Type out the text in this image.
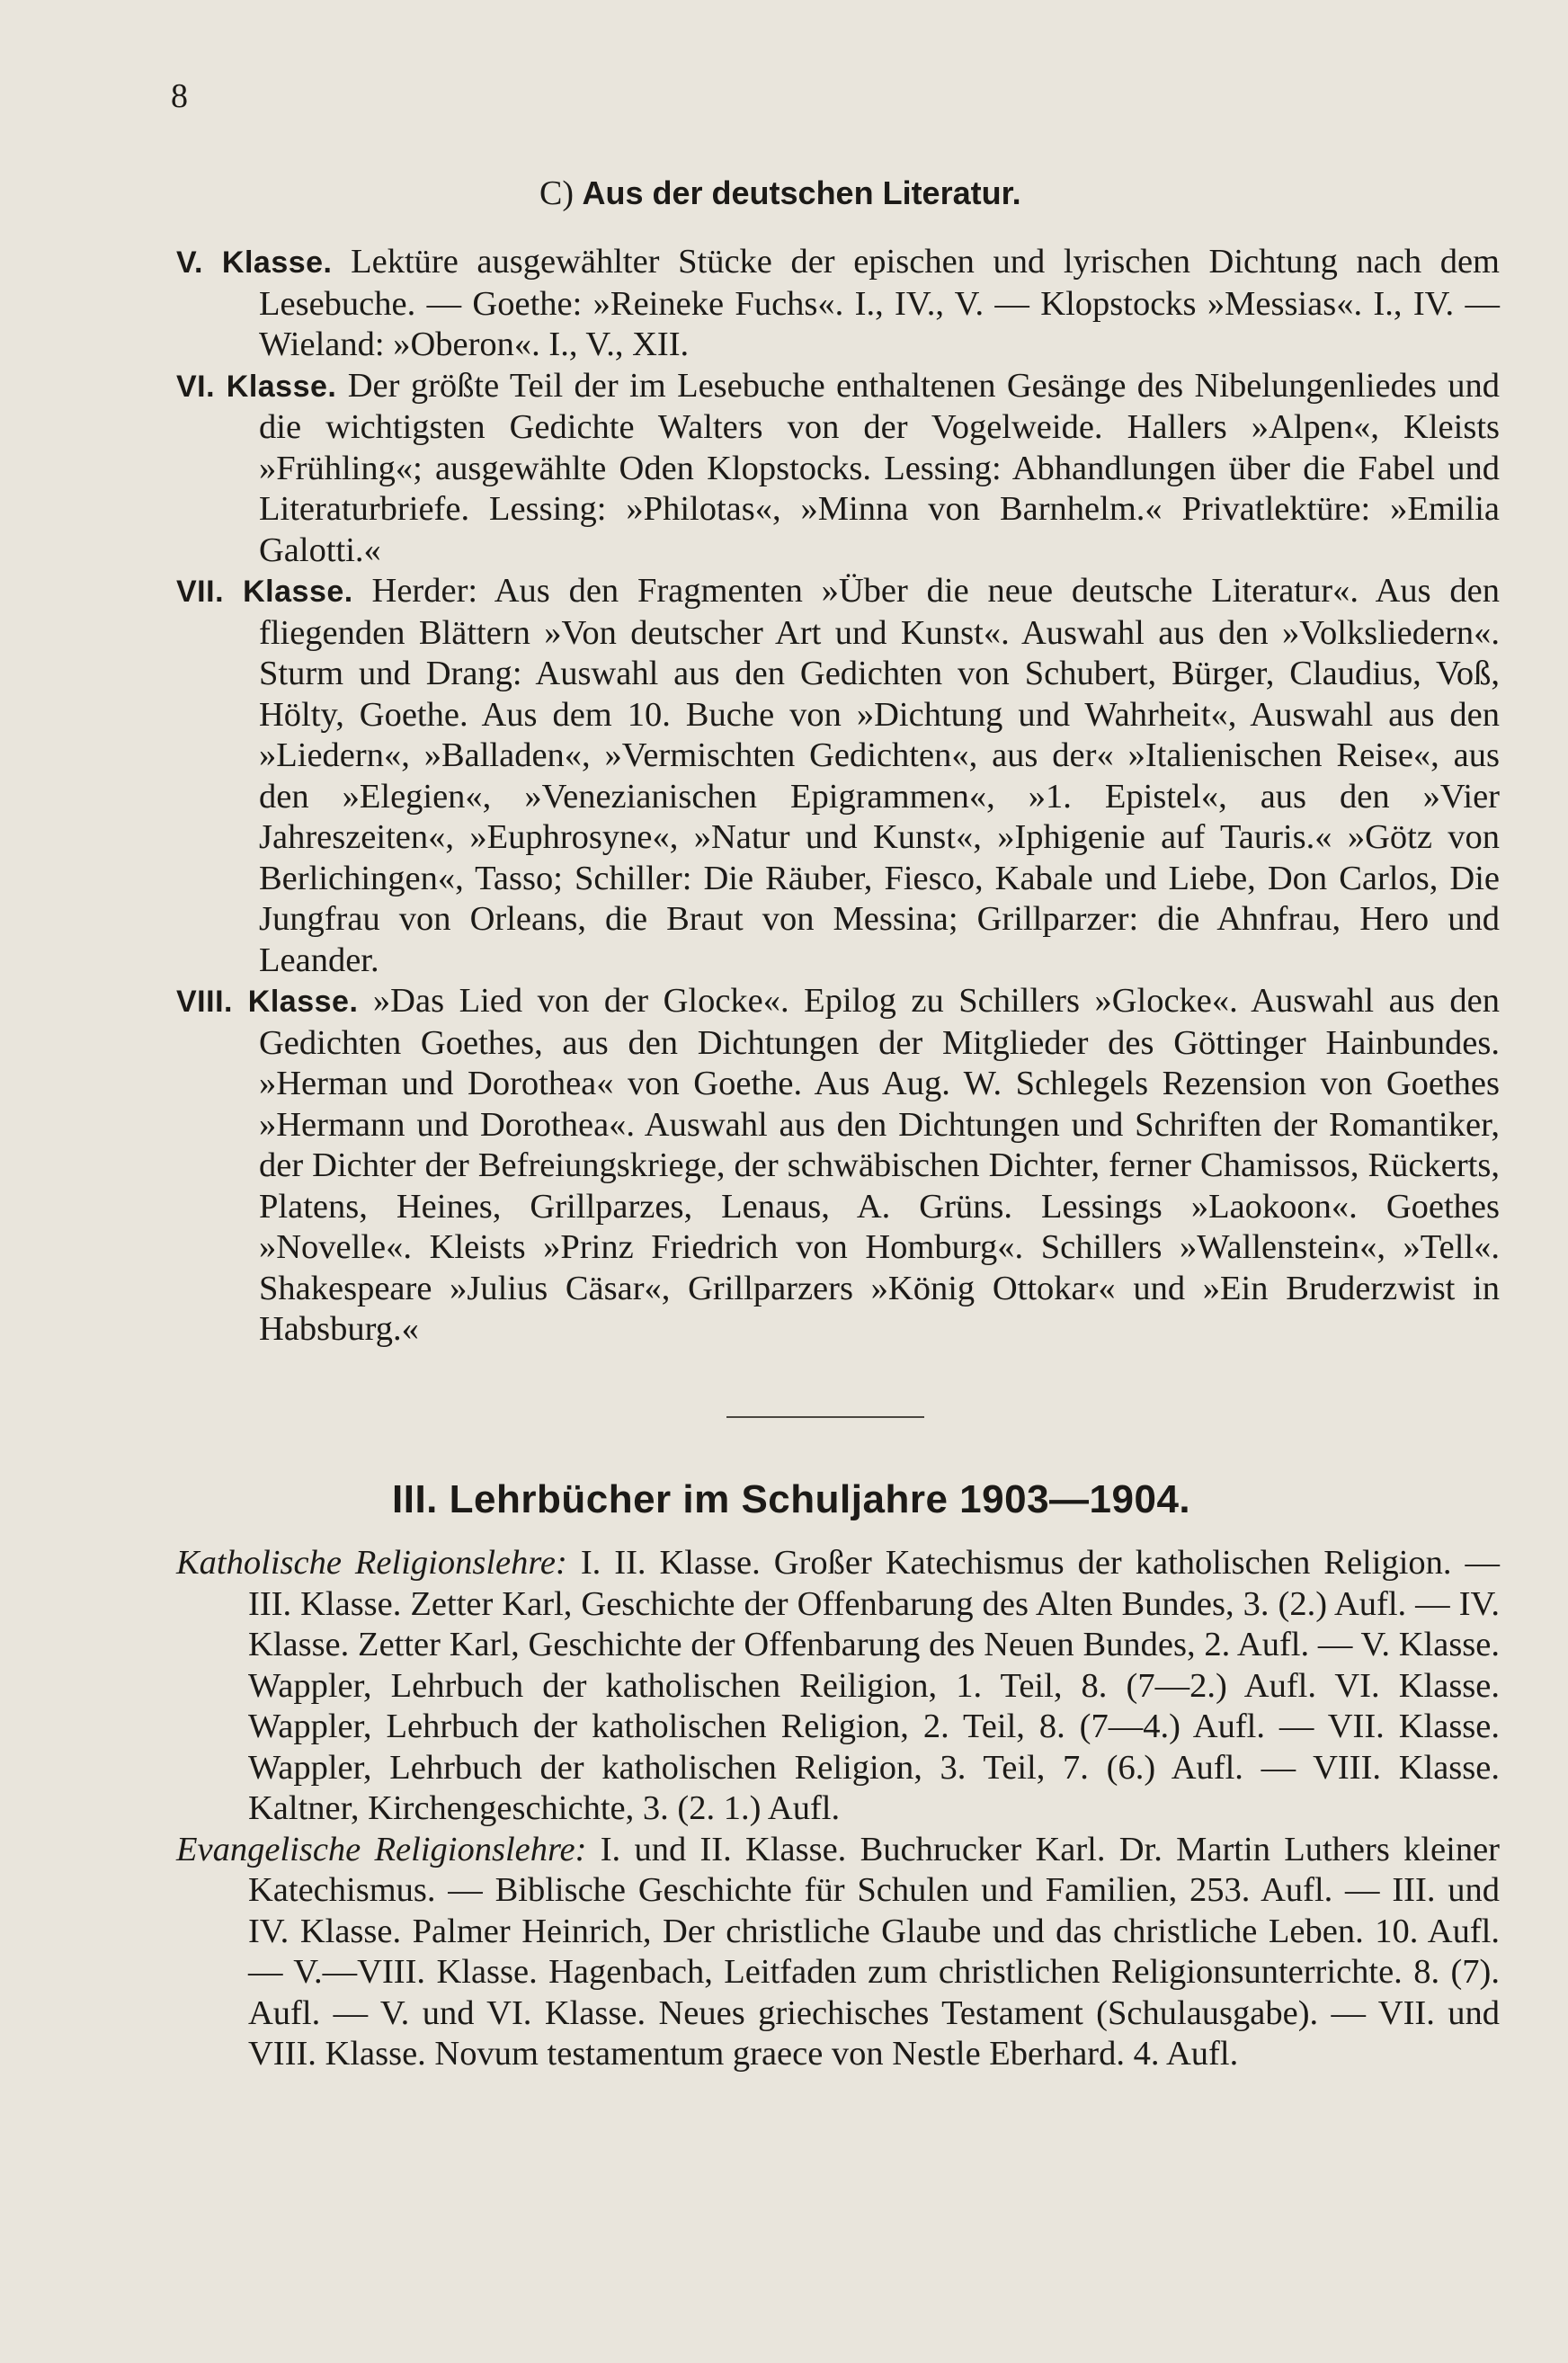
8
C) Aus der deutschen Literatur.

V. Klasse. Lektüre ausgewählter Stücke der epischen und lyrischen Dichtung nach dem Lesebuche. — Goethe: »Reineke Fuchs«. I., IV., V. — Klopstocks »Messias«. I., IV. — Wieland: »Oberon«. I., V., XII.

VI. Klasse. Der größte Teil der im Lesebuche enthaltenen Gesänge des Nibelungenliedes und die wichtigsten Gedichte Walters von der Vogelweide. Hallers »Alpen«, Kleists »Frühling«; ausgewählte Oden Klopstocks. Lessing: Abhandlungen über die Fabel und Literaturbriefe. Lessing: »Philotas«, »Minna von Barnhelm.« Privatlektüre: »Emilia Galotti.«

VII. Klasse. Herder: Aus den Fragmenten »Über die neue deutsche Literatur«. Aus den fliegenden Blättern »Von deutscher Art und Kunst«. Auswahl aus den »Volksliedern«. Sturm und Drang: Auswahl aus den Gedichten von Schubert, Bürger, Claudius, Voß, Hölty, Goethe. Aus dem 10. Buche von »Dichtung und Wahrheit«, Auswahl aus den »Liedern«, »Balladen«, »Vermischten Gedichten«, aus der« »Italienischen Reise«, aus den »Elegien«, »Venezianischen Epigrammen«, »1. Epistel«, aus den »Vier Jahreszeiten«, »Euphrosyne«, »Natur und Kunst«, »Iphigenie auf Tauris.« »Götz von Berlichingen«, Tasso; Schiller: Die Räuber, Fiesco, Kabale und Liebe, Don Carlos, Die Jungfrau von Orleans, die Braut von Messina; Grillparzer: die Ahnfrau, Hero und Leander.

VIII. Klasse. »Das Lied von der Glocke«. Epilog zu Schillers »Glocke«. Auswahl aus den Gedichten Goethes, aus den Dichtungen der Mitglieder des Göttinger Hainbundes. »Herman und Dorothea« von Goethe. Aus Aug. W. Schlegels Rezension von Goethes »Hermann und Dorothea«. Auswahl aus den Dichtungen und Schriften der Romantiker, der Dichter der Befreiungskriege, der schwäbischen Dichter, ferner Chamissos, Rückerts, Platens, Heines, Grillparzes, Lenaus, A. Grüns. Lessings »Laokoon«. Goethes »Novelle«. Kleists »Prinz Friedrich von Homburg«. Schillers »Wallenstein«, »Tell«. Shakespeare »Julius Cäsar«, Grillparzers »König Ottokar« und »Ein Bruderzwist in Habsburg.«

III. Lehrbücher im Schuljahre 1903—1904.

Katholische Religionslehre: I. II. Klasse. Großer Katechismus der katholischen Religion. — III. Klasse. Zetter Karl, Geschichte der Offenbarung des Alten Bundes, 3. (2.) Aufl. — IV. Klasse. Zetter Karl, Geschichte der Offenbarung des Neuen Bundes, 2. Aufl. — V. Klasse. Wappler, Lehrbuch der katholischen Reiligion, 1. Teil, 8. (7—2.) Aufl. VI. Klasse. Wappler, Lehrbuch der katholischen Religion, 2. Teil, 8. (7—4.) Aufl. — VII. Klasse. Wappler, Lehrbuch der katholischen Religion, 3. Teil, 7. (6.) Aufl. — VIII. Klasse. Kaltner, Kirchengeschichte, 3. (2. 1.) Aufl.

Evangelische Religionslehre: I. und II. Klasse. Buchrucker Karl. Dr. Martin Luthers kleiner Katechismus. — Biblische Geschichte für Schulen und Familien, 253. Aufl. — III. und IV. Klasse. Palmer Heinrich, Der christliche Glaube und das christliche Leben. 10. Aufl. — V.—VIII. Klasse. Hagenbach, Leitfaden zum christlichen Religionsunterrichte. 8. (7). Aufl. — V. und VI. Klasse. Neues griechisches Testament (Schulausgabe). — VII. und VIII. Klasse. Novum testamentum graece von Nestle Eberhard. 4. Aufl.
